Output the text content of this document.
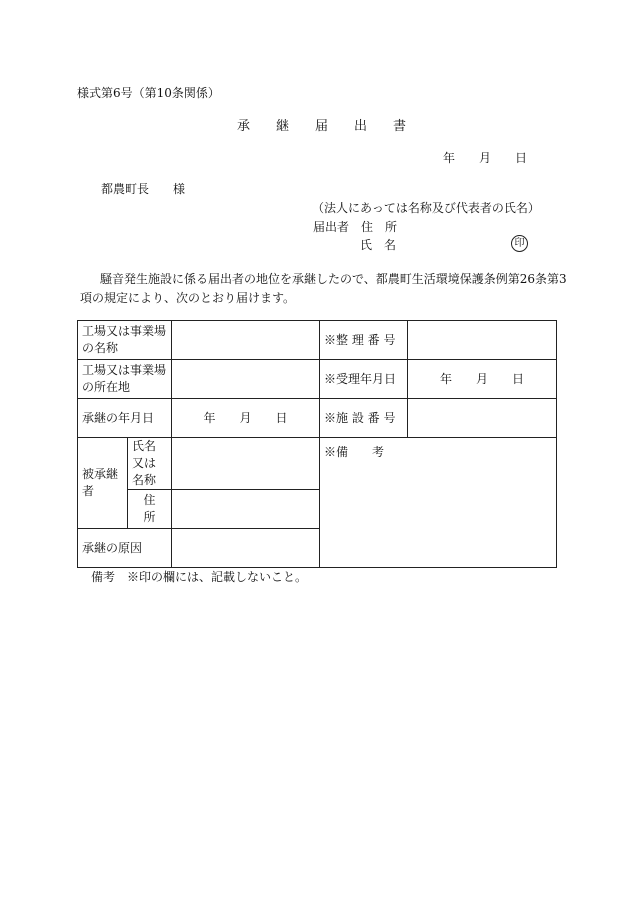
様式第6号（第10条関係）
承　　継　　届　　出　　書
年　　月　　日
都農町長　　様
（法人にあっては名称及び代表者の氏名）
届出者　住　所
氏　名	印
騒音発生施設に係る届出者の地位を承継したので、都農町生活環境保護条例第26条第3
項の規定により、次のとおり届けます。
工場又は事業場の名称			※整 理 番 号	
工場又は事業場の所在地			※受理年月日	年　　月　　日
承継の年月日		年　　月　　日	※施 設 番 号	
被承継者	氏名又は名称		※備　　考	
	住　所			
承継の原因				
備考　※印の欄には、記載しないこと。
